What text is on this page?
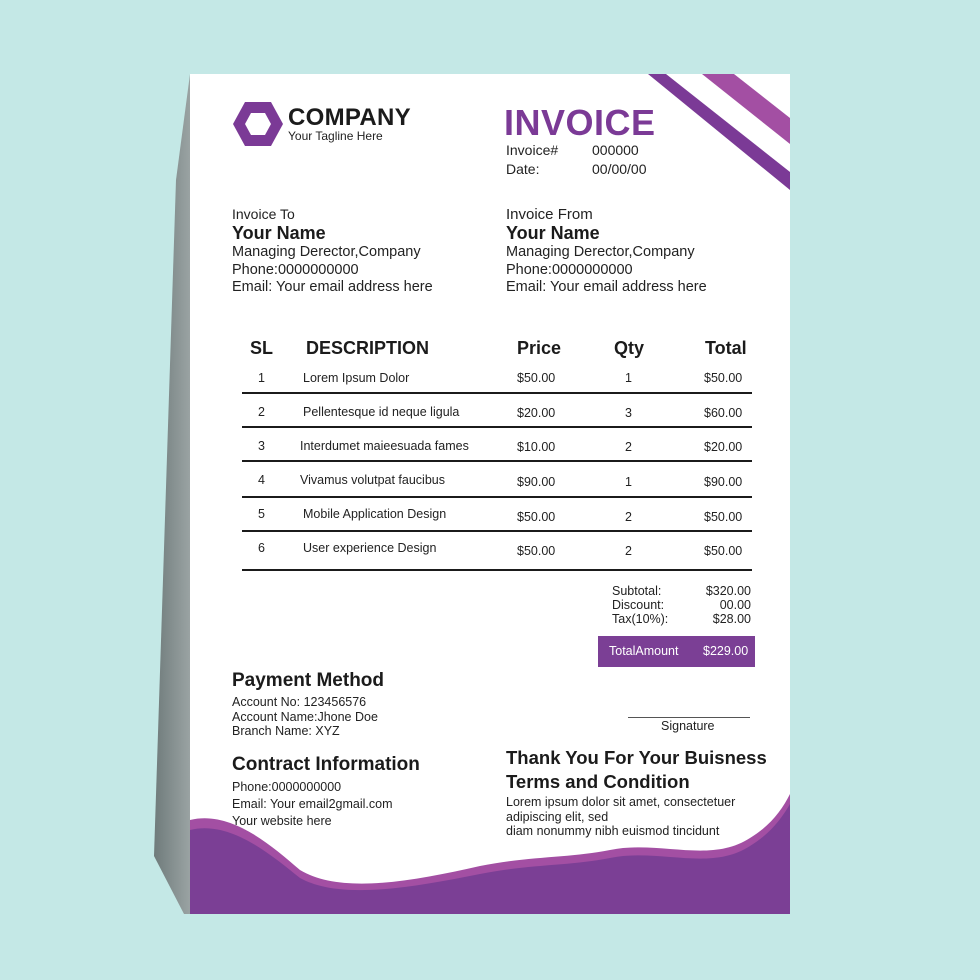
COMPANY
Your Tagline Here	INVOICE
Invoice# 000000
Date:	00/00/00
Invoice To
Your Name
Managing Derector,Company
Phone:0000000000
Email: Your email address here
Invoice From
Your Name
Managing Derector,Company
Phone:0000000000
Email: Your email address here
SL DESCRIPTION	Price	Qty	Total
1	Lorem Ipsum Dolor	$50.00	1	$50.00
2	Pellentesque id neque ligula	$20.00	3	$60.00
3	Interdumet maieesuada fames	$10.00	2	$20.00
4	Vivamus volutpat faucibus	$90.00	1	$90.00
5	Mobile Application Design	$50.00	2	$50.00
6	User experience Design	$50.00	2	$50.00
Subtotal:	$320.00
Discount:	00.00
Tax(10%):	$28.00
TotalAmount $229.00
Payment Method
Account No: 123456576
Account Name:Jhone Doe
Branch Name: XYZ	Signature
Contract Information
Phone:0000000000
Email: Your email2gmail.com
Your website here
Thank You For Your Buisness
Terms and Condition
Lorem ipsum dolor sit amet, consectetuer
adipiscing elit, sed
diam nonummy nibh euismod tincidunt
